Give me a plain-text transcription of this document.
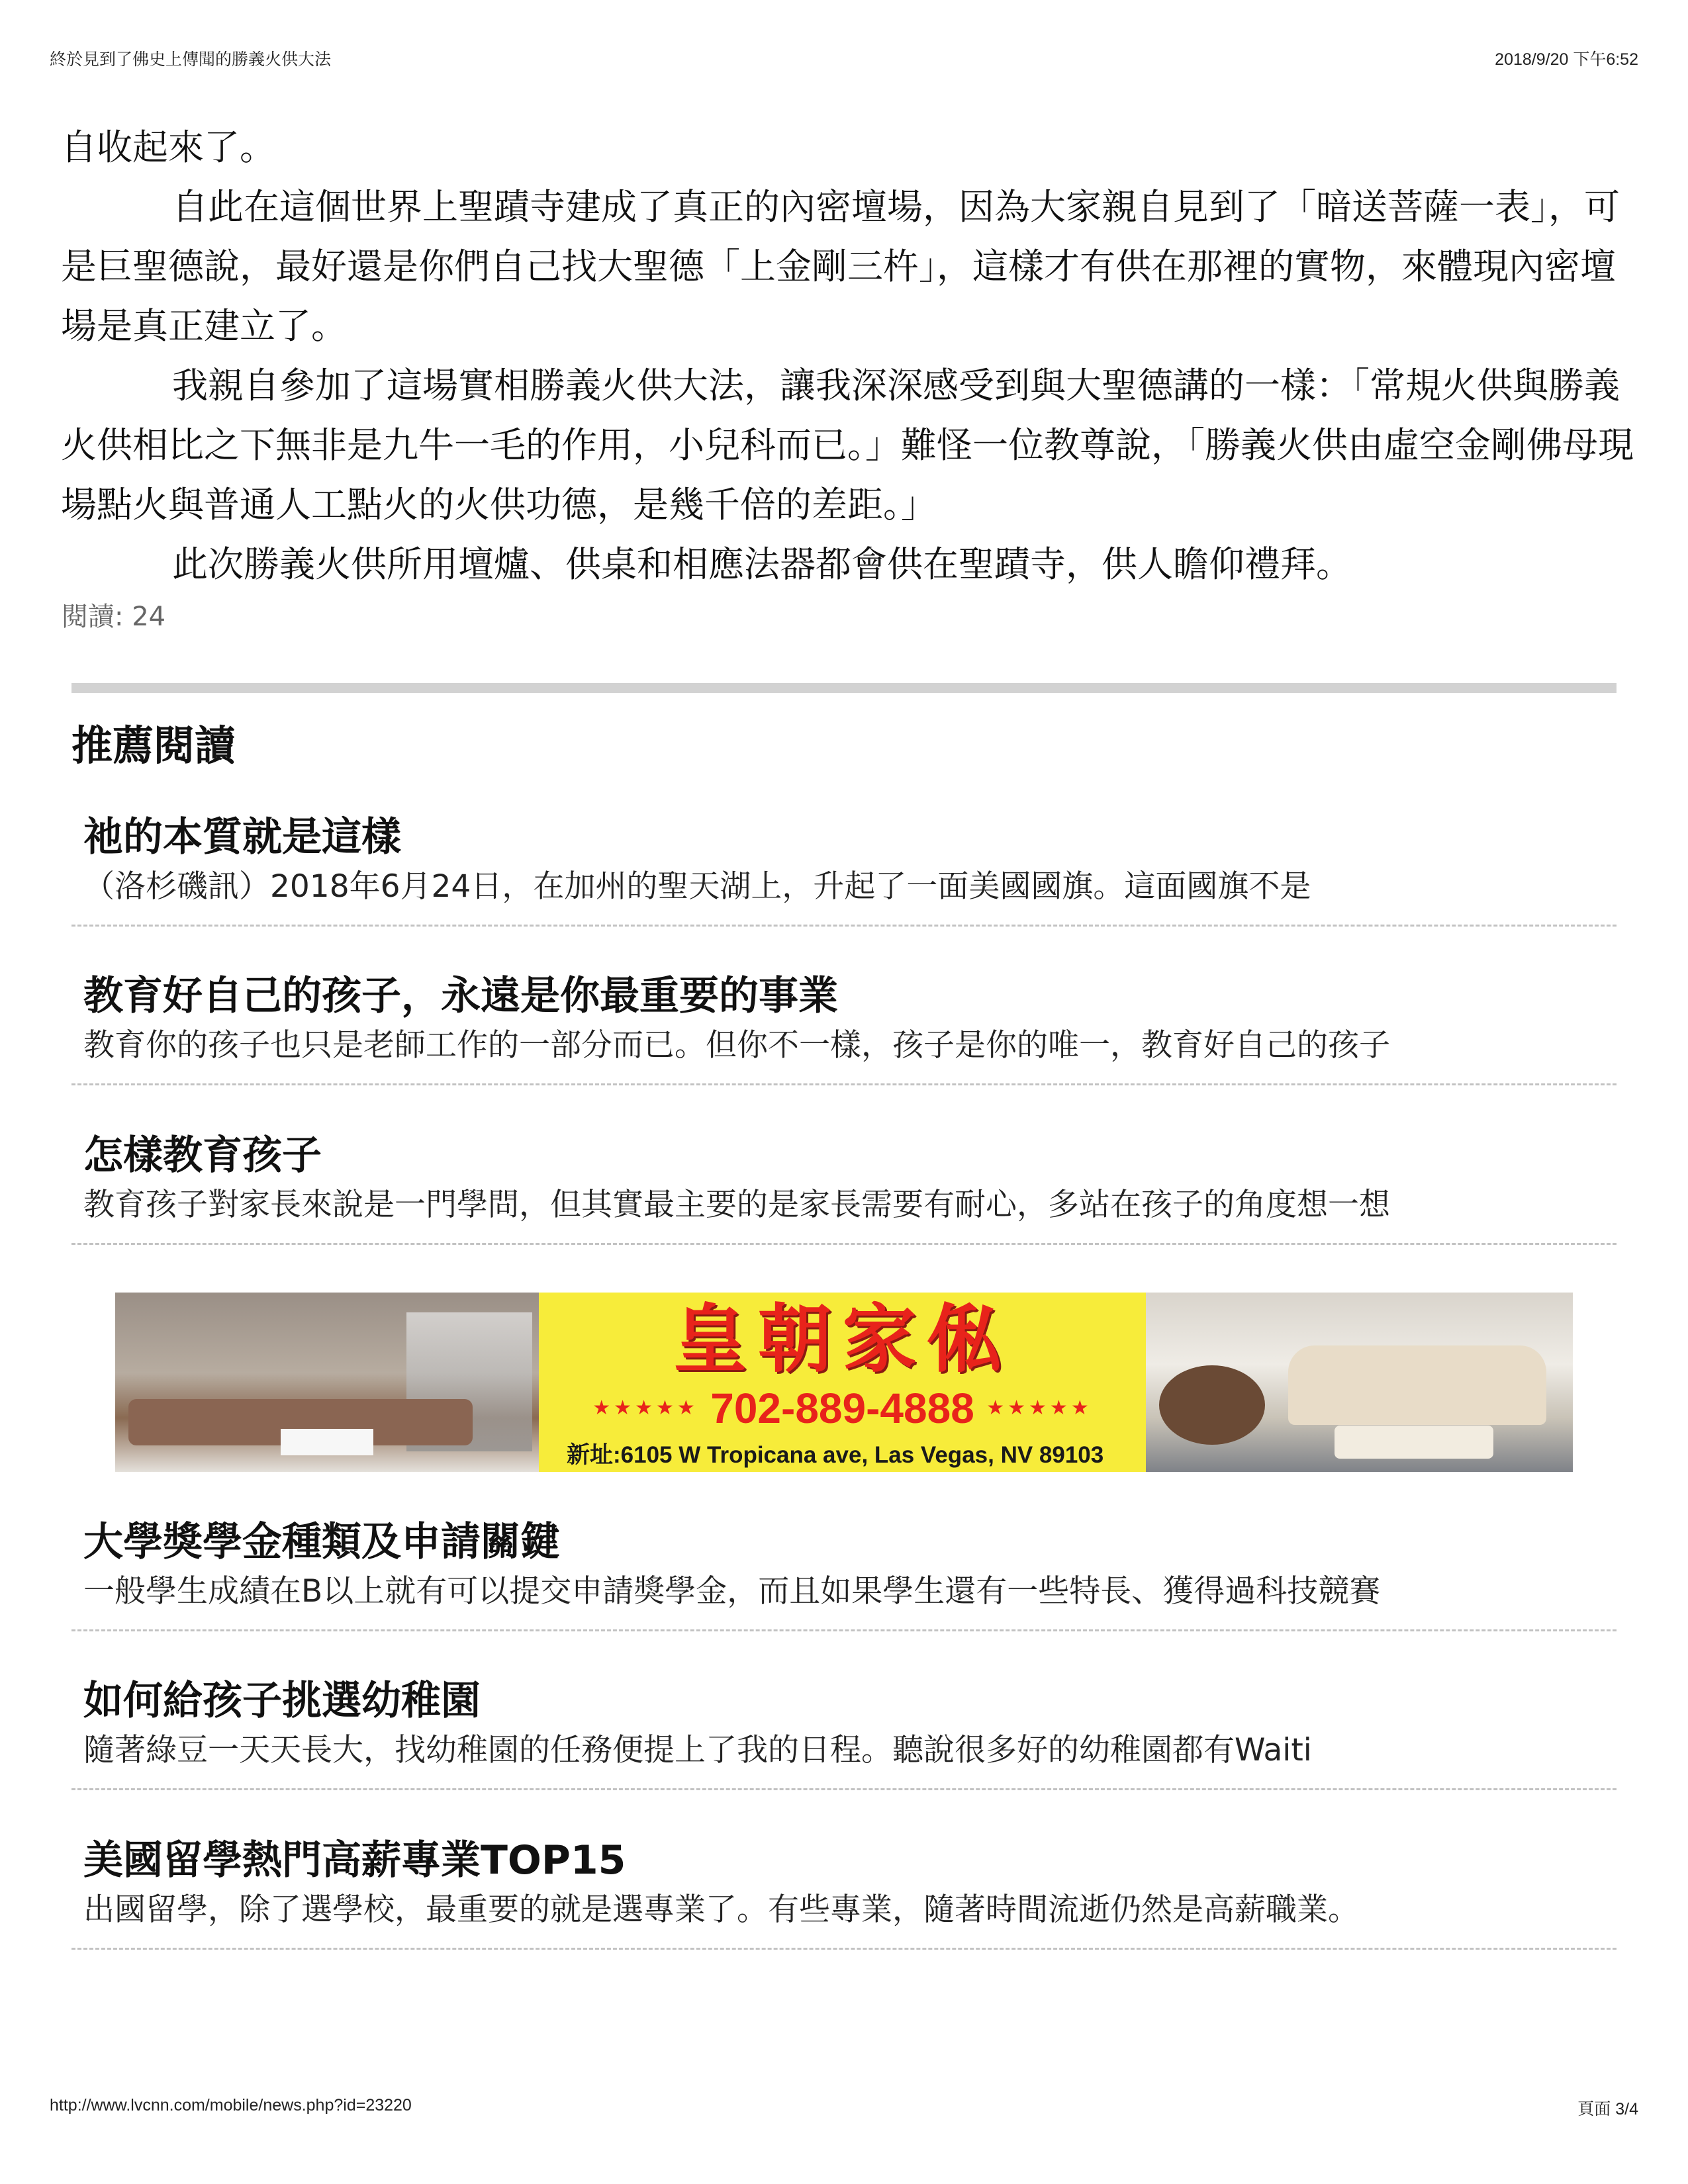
終於見到了佛史上傳聞的勝義火供大法	2018/9/20 下午6:52

自收起來了。

自此在這個世界上聖蹟寺建成了真正的內密壇場，因為大家親自見到了「暗送菩薩一表」，可是巨聖德說，最好還是你們自己找大聖德「上金剛三杵」，這樣才有供在那裡的實物，來體現內密壇場是真正建立了。

我親自參加了這場實相勝義火供大法，讓我深深感受到與大聖德講的一樣：「常規火供與勝義火供相比之下無非是九牛一毛的作用，小兒科而已。」難怪一位教尊說，「勝義火供由虛空金剛佛母現場點火與普通人工點火的火供功德，是幾千倍的差距。」

此次勝義火供所用壇爐、供桌和相應法器都會供在聖蹟寺，供人瞻仰禮拜。

閱讀: 24
推薦閱讀
祂的本質就是這樣
（洛杉磯訊）2018年6月24日，在加州的聖天湖上，升起了一面美國國旗。這面國旗不是
教育好自己的孩子，永遠是你最重要的事業
教育你的孩子也只是老師工作的一部分而已。但你不一樣，孩子是你的唯一，教育好自己的孩子
怎樣教育孩子
教育孩子對家長來說是一門學問，但其實最主要的是家長需要有耐心，多站在孩子的角度想一想
皇朝家俬
★★★★★ 702-889-4888 ★★★★★
新址:6105 W Tropicana ave, Las Vegas, NV 89103
大學獎學金種類及申請關鍵
一般學生成績在B以上就有可以提交申請獎學金，而且如果學生還有一些特長、獲得過科技競賽
如何給孩子挑選幼稚園
隨著綠豆一天天長大，找幼稚園的任務便提上了我的日程。聽說很多好的幼稚園都有Waiti
美國留學熱門高薪專業TOP15
出國留學，除了選學校，最重要的就是選專業了。有些專業，隨著時間流逝仍然是高薪職業。
http://www.lvcnn.com/mobile/news.php?id=23220	頁面 3/4
